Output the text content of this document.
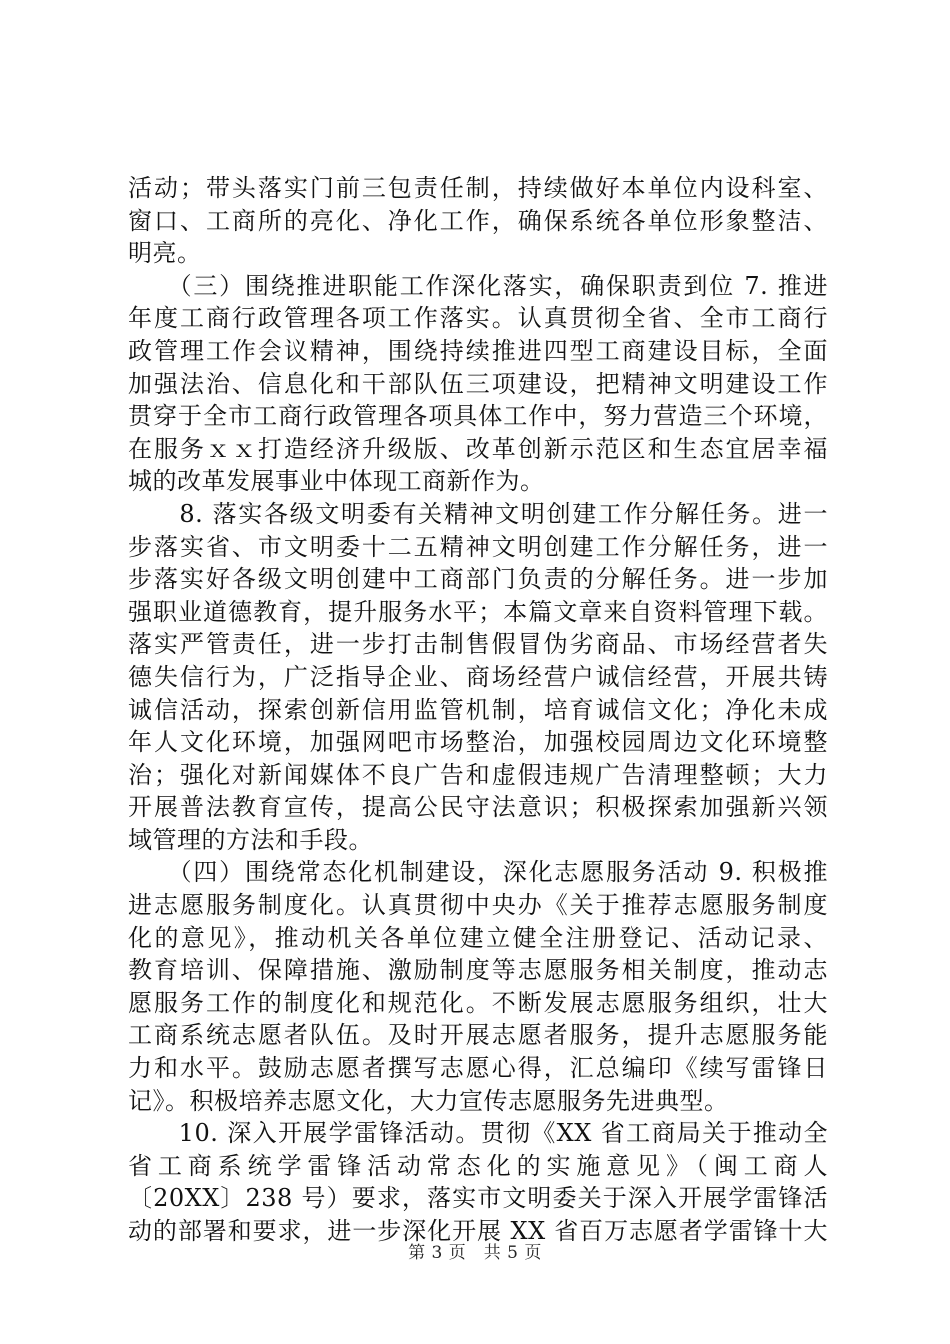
活动；带头落实门前三包责任制，持续做好本单位内设科室、
窗口、工商所的亮化、净化工作，确保系统各单位形象整洁、
明亮。
　　（三）围绕推进职能工作深化落实，确保职责到位 7. 推进
年度工商行政管理各项工作落实。认真贯彻全省、全市工商行
政管理工作会议精神，围绕持续推进四型工商建设目标，全面
加强法治、信息化和干部队伍三项建设，把精神文明建设工作
贯穿于全市工商行政管理各项具体工作中，努力营造三个环境，
在服务ｘｘ打造经济升级版、改革创新示范区和生态宜居幸福
城的改革发展事业中体现工商新作为。
　　8. 落实各级文明委有关精神文明创建工作分解任务。进一
步落实省、市文明委十二五精神文明创建工作分解任务，进一
步落实好各级文明创建中工商部门负责的分解任务。进一步加
强职业道德教育，提升服务水平；本篇文章来自资料管理下载。
落实严管责任，进一步打击制售假冒伪劣商品、市场经营者失
德失信行为，广泛指导企业、商场经营户诚信经营，开展共铸
诚信活动，探索创新信用监管机制，培育诚信文化；净化未成
年人文化环境，加强网吧市场整治，加强校园周边文化环境整
治；强化对新闻媒体不良广告和虚假违规广告清理整顿；大力
开展普法教育宣传，提高公民守法意识；积极探索加强新兴领
域管理的方法和手段。
　　（四）围绕常态化机制建设，深化志愿服务活动 9. 积极推
进志愿服务制度化。认真贯彻中央办《关于推荐志愿服务制度
化的意见》，推动机关各单位建立健全注册登记、活动记录、
教育培训、保障措施、激励制度等志愿服务相关制度，推动志
愿服务工作的制度化和规范化。不断发展志愿服务组织，壮大
工商系统志愿者队伍。及时开展志愿者服务，提升志愿服务能
力和水平。鼓励志愿者撰写志愿心得，汇总编印《续写雷锋日
记》。积极培养志愿文化，大力宣传志愿服务先进典型。
　　10. 深入开展学雷锋活动。贯彻《XX 省工商局关于推动全
省工商系统学雷锋活动常态化的实施意见》（闽工商人
〔20XX〕238 号）要求，落实市文明委关于深入开展学雷锋活
动的部署和要求，进一步深化开展 XX 省百万志愿者学雷锋十大
第 3 页　共 5 页
